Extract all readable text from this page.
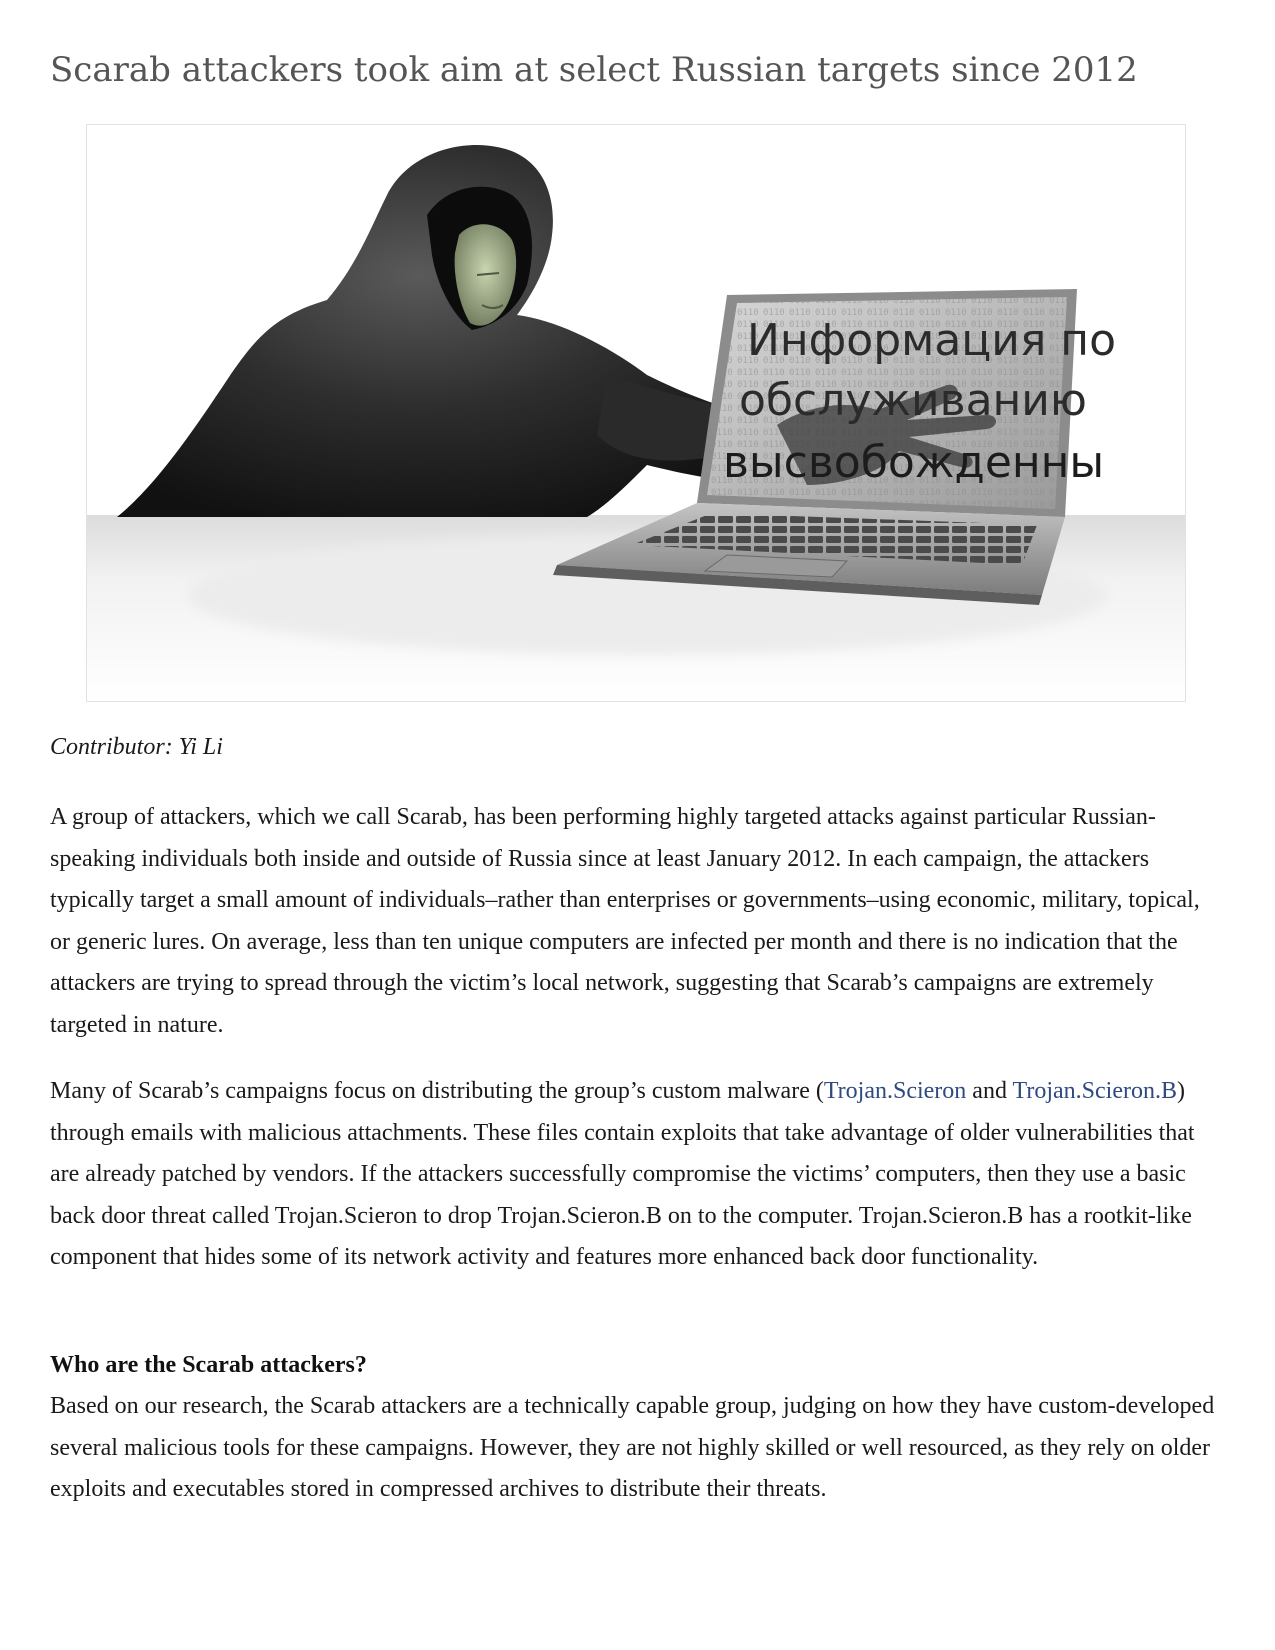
Scarab attackers took aim at select Russian targets since 2012
Информация по
обслуживанию
высвобожденны

Contributor: Yi Li

A group of attackers, which we call Scarab, has been performing highly targeted attacks against particular Russian-speaking individuals both inside and outside of Russia since at least January 2012. In each campaign, the attackers typically target a small amount of individuals–rather than enterprises or governments–using economic, military, topical, or generic lures. On average, less than ten unique computers are infected per month and there is no indication that the attackers are trying to spread through the victim’s local network, suggesting that Scarab’s campaigns are extremely targeted in nature.

Many of Scarab’s campaigns focus on distributing the group’s custom malware (Trojan.Scieron and Trojan.Scieron.B) through emails with malicious attachments. These files contain exploits that take advantage of older vulnerabilities that are already patched by vendors. If the attackers successfully compromise the victims’ computers, then they use a basic back door threat called Trojan.Scieron to drop Trojan.Scieron.B on to the computer. Trojan.Scieron.B has a rootkit-like component that hides some of its network activity and features more enhanced back door functionality.

Who are the Scarab attackers?

Based on our research, the Scarab attackers are a technically capable group, judging on how they have custom-developed several malicious tools for these campaigns. However, they are not highly skilled or well resourced, as they rely on older exploits and executables stored in compressed archives to distribute their threats.
